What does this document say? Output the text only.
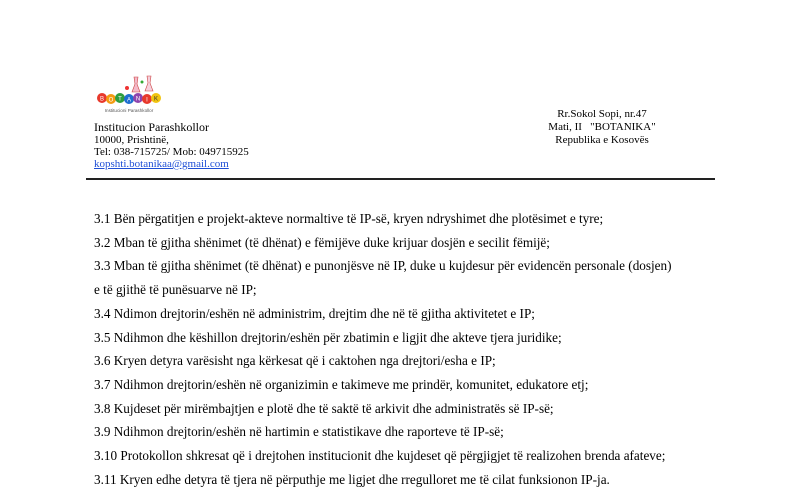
B O T A N I K
Institucioni Parashkollor
Institucion Parashkollor
10000, Prishtinë,
Tel: 038-715725/ Mob: 049715925
kopshti.botanikaa@gmail.com
Rr.Sokol Sopi, nr.47
Mati, II   "BOTANIKA"
Republika e Kosovës

3.1 Bën përgatitjen e projekt-akteve normaltive të IP-së, kryen ndryshimet dhe plotësimet e tyre;

3.2 Mban të gjitha shënimet (të dhënat) e fëmijëve duke krijuar dosjën e secilit fëmijë;

3.3 Mban të gjitha shënimet (të dhënat) e punonjësve në IP, duke u kujdesur për evidencën personale (dosjen)

e të gjithë të punësuarve në IP;

3.4 Ndimon drejtorin/eshën në administrim, drejtim dhe në të gjitha aktivitetet e IP;

3.5 Ndihmon dhe këshillon drejtorin/eshën për zbatimin e ligjit dhe akteve tjera juridike;

3.6 Kryen detyra varësisht nga kërkesat që i caktohen nga drejtori/esha e IP;

3.7 Ndihmon drejtorin/eshën në organizimin e takimeve me prindër, komunitet, edukatore etj;

3.8 Kujdeset për mirëmbajtjen e plotë dhe të saktë të arkivit dhe administratës së IP-së;

3.9 Ndihmon drejtorin/eshën në hartimin e statistikave dhe raporteve të IP-së;

3.10 Protokollon shkresat që i drejtohen institucionit dhe kujdeset që përgjigjet të realizohen brenda afateve;

3.11 Kryen edhe detyra të tjera në përputhje me ligjet dhe rregulloret me të cilat funksionon IP-ja.
